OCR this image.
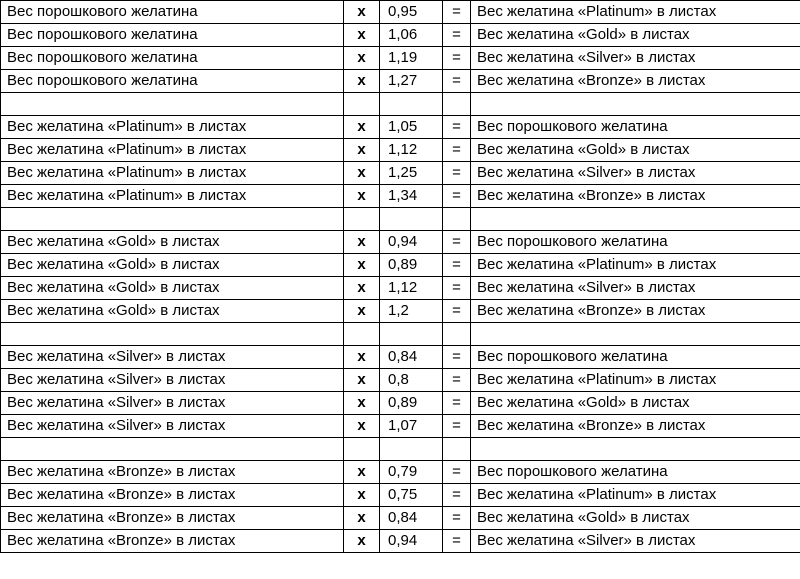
Вес порошкового желатина	x	0,95	=	Вес желатина «Platinum» в листах
Вес порошкового желатина	x	1,06	=	Вес желатина «Gold» в листах
Вес порошкового желатина	x	1,19	=	Вес желатина «Silver» в листах
Вес порошкового желатина	x	1,27	=	Вес желатина «Bronze» в листах

Вес желатина «Platinum» в листах	x	1,05	=	Вес порошкового желатина
Вес желатина «Platinum» в листах	x	1,12	=	Вес желатина «Gold» в листах
Вес желатина «Platinum» в листах	x	1,25	=	Вес желатина «Silver» в листах
Вес желатина «Platinum» в листах	x	1,34	=	Вес желатина «Bronze» в листах

Вес желатина «Gold» в листах	x	0,94	=	Вес порошкового желатина
Вес желатина «Gold» в листах	x	0,89	=	Вес желатина «Platinum» в листах
Вес желатина «Gold» в листах	x	1,12	=	Вес желатина «Silver» в листах
Вес желатина «Gold» в листах	x	1,2	=	Вес желатина «Bronze» в листах

Вес желатина «Silver» в листах	x	0,84	=	Вес порошкового желатина
Вес желатина «Silver» в листах	x	0,8	=	Вес желатина «Platinum» в листах
Вес желатина «Silver» в листах	x	0,89	=	Вес желатина «Gold» в листах
Вес желатина «Silver» в листах	x	1,07	=	Вес желатина «Bronze» в листах

Вес желатина «Bronze» в листах	x	0,79	=	Вес порошкового желатина
Вес желатина «Bronze» в листах	x	0,75	=	Вес желатина «Platinum» в листах
Вес желатина «Bronze» в листах	x	0,84	=	Вес желатина «Gold» в листах
Вес желатина «Bronze» в листах	x	0,94	=	Вес желатина «Silver» в листах
